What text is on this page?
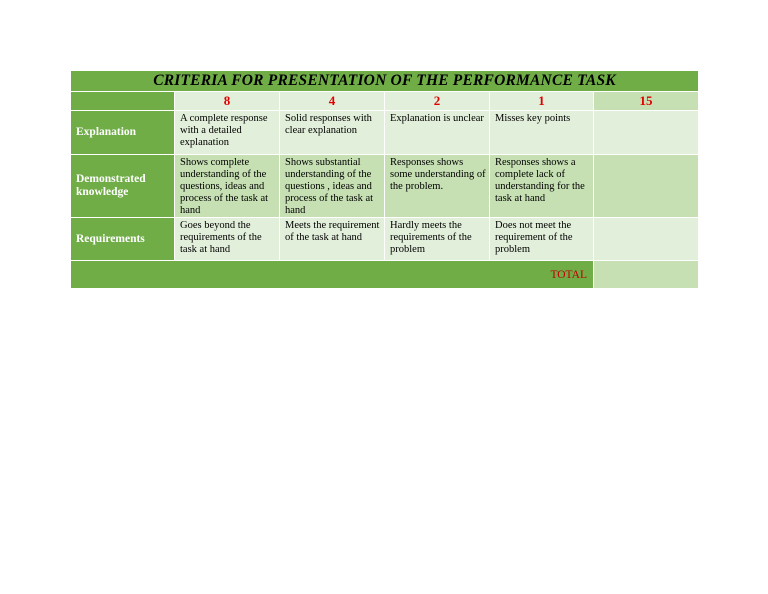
CRITERIA FOR PRESENTATION OF THE PERFORMANCE TASK					
	8	4	2	1	15
Explanation	A complete response with a detailed explanation	Solid responses with clear explanation	Explanation is unclear	Misses key points	
Demonstrated knowledge	Shows complete understanding of the questions, ideas and process of the task at hand	Shows substantial understanding of the questions , ideas and process of the task at hand	Responses shows some understanding of the problem.	Responses shows a complete lack of understanding for the task at hand	
Requirements	Goes beyond the requirements of the task at hand	Meets the requirement of the task at hand	Hardly meets the requirements of the problem	Does not meet the requirement of the problem	
TOTAL					
